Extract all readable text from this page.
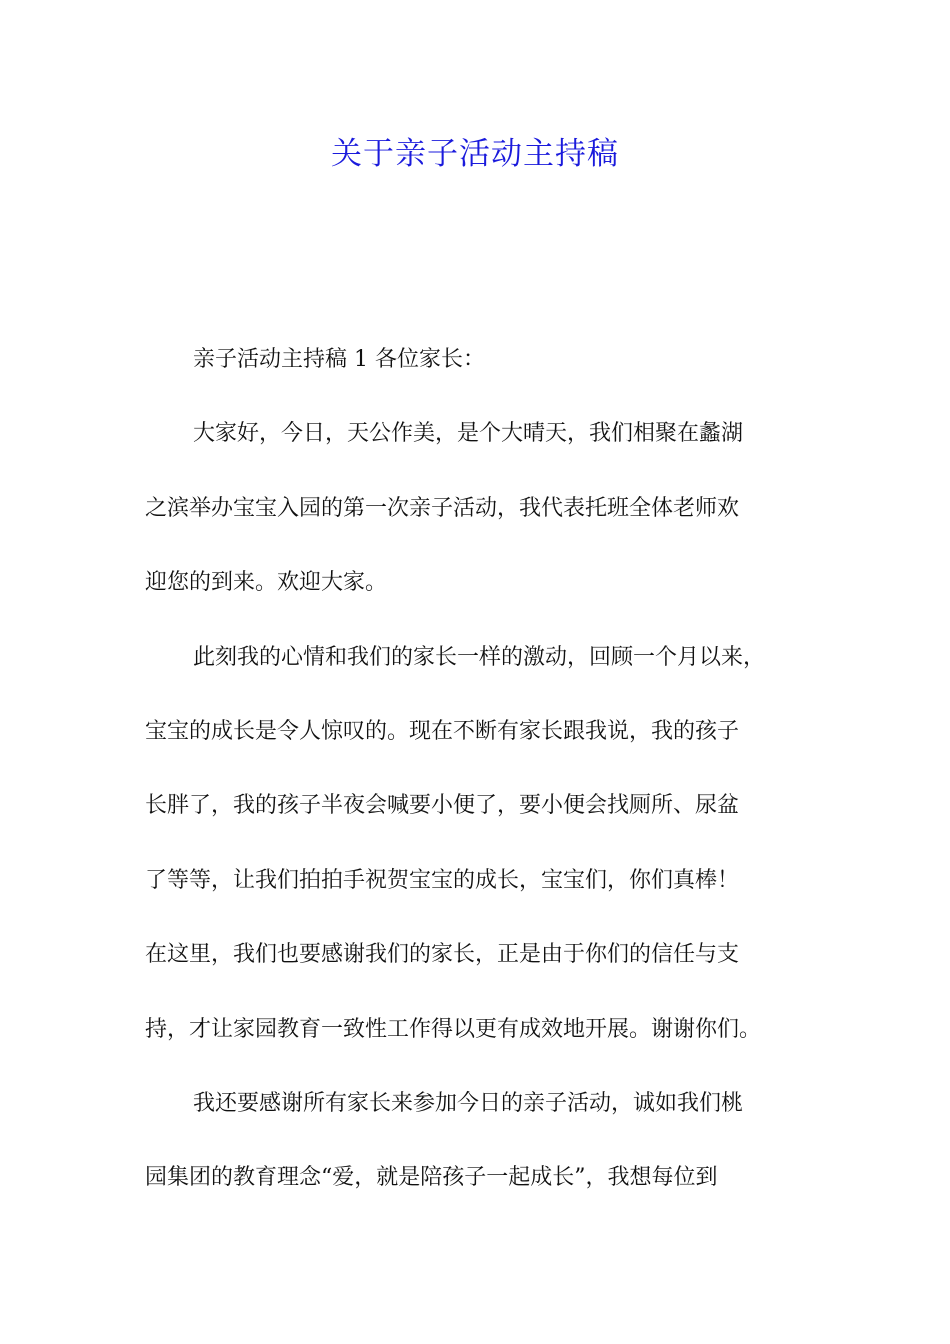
关于亲子活动主持稿
亲子活动主持稿 1 各位家长：
大家好，今日，天公作美，是个大晴天，我们相聚在蠡湖
之滨举办宝宝入园的第一次亲子活动，我代表托班全体老师欢
迎您的到来。欢迎大家。
此刻我的心情和我们的家长一样的激动，回顾一个月以来，
宝宝的成长是令人惊叹的。现在不断有家长跟我说，我的孩子
长胖了，我的孩子半夜会喊要小便了，要小便会找厕所、尿盆
了等等，让我们拍拍手祝贺宝宝的成长，宝宝们，你们真棒！
在这里，我们也要感谢我们的家长，正是由于你们的信任与支
持，才让家园教育一致性工作得以更有成效地开展。谢谢你们。
我还要感谢所有家长来参加今日的亲子活动，诚如我们桃
园集团的教育理念“爱，就是陪孩子一起成长”，我想每位到
